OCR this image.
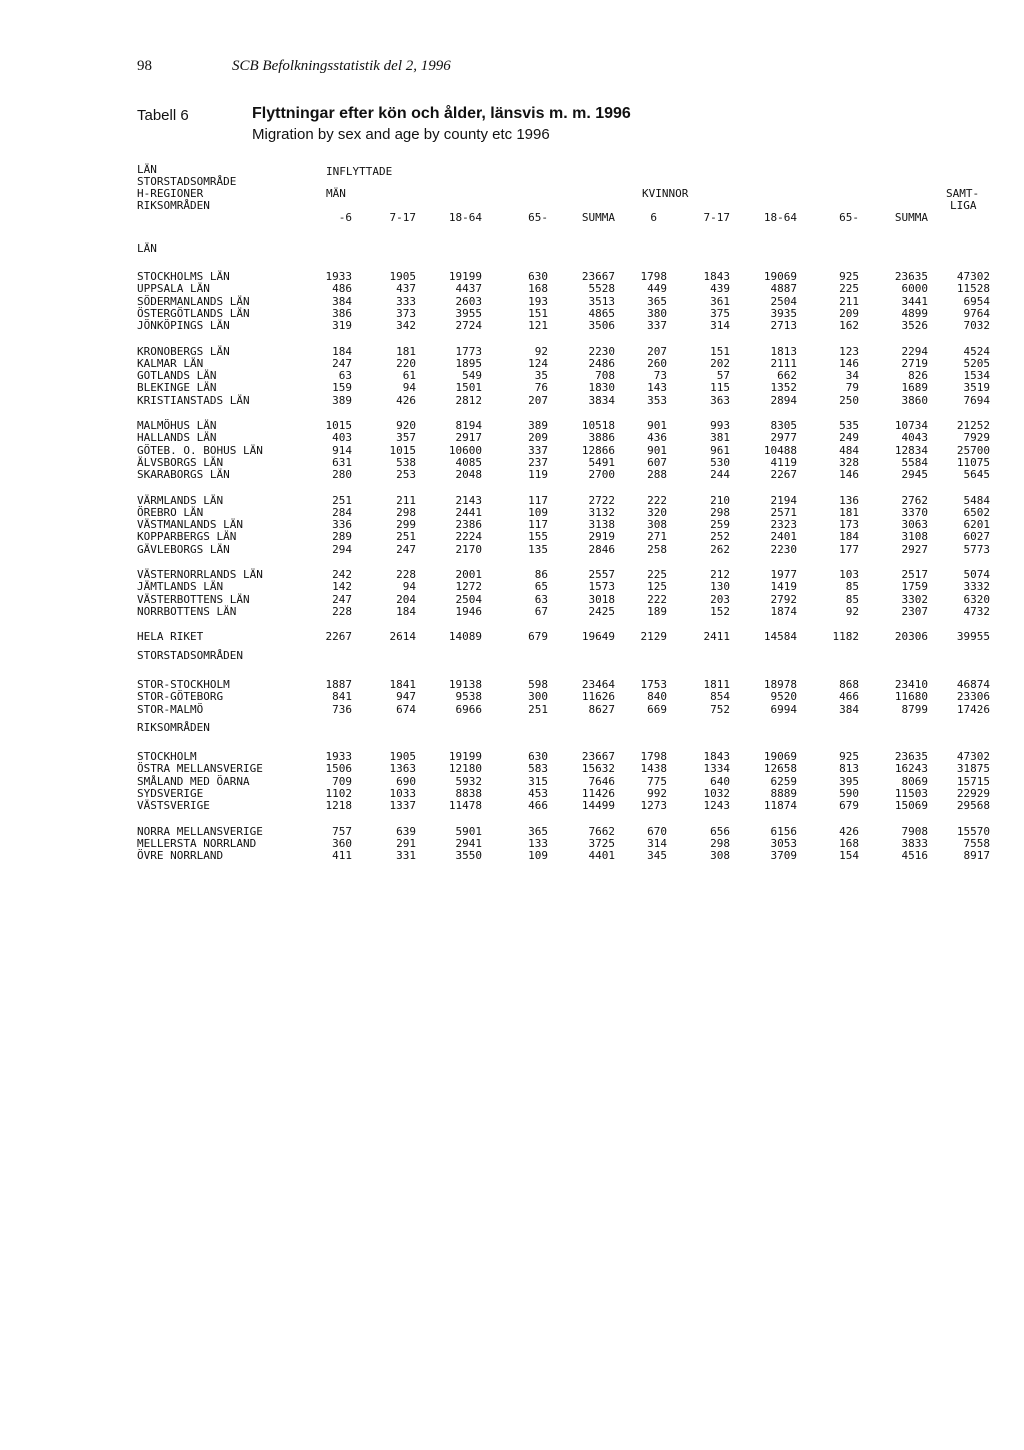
98	SCB Befolkningsstatistik del 2, 1996
Tabell 6	Flyttningar efter kön och ålder, länsvis m. m. 1996
Migration by sex and age by county etc 1996
LÄN
STORSTADSOMRÅDE
H-REGIONER
RIKSOMRÅDEN
INFLYTTADE
MÄN	KVINNOR	SAMT-
LIGA
-6	7-17	18-64	65-	SUMMA	6	7-17	18-64	65-	SUMMA
LÄN
STOCKHOLMS LÄN	1933	1905	19199	630	23667	1798	1843	19069	925	23635	47302
UPPSALA LÄN	486	437	4437	168	5528	449	439	4887	225	6000	11528
SÖDERMANLANDS LÄN	384	333	2603	193	3513	365	361	2504	211	3441	6954
ÖSTERGÖTLANDS LÄN	386	373	3955	151	4865	380	375	3935	209	4899	9764
JÖNKÖPINGS LÄN	319	342	2724	121	3506	337	314	2713	162	3526	7032
KRONOBERGS LÄN	184	181	1773	92	2230	207	151	1813	123	2294	4524
KALMAR LÄN	247	220	1895	124	2486	260	202	2111	146	2719	5205
GOTLANDS LÄN	63	61	549	35	708	73	57	662	34	826	1534
BLEKINGE LÄN	159	94	1501	76	1830	143	115	1352	79	1689	3519
KRISTIANSTADS LÄN	389	426	2812	207	3834	353	363	2894	250	3860	7694
MALMÖHUS LÄN	1015	920	8194	389	10518	901	993	8305	535	10734	21252
HALLANDS LÄN	403	357	2917	209	3886	436	381	2977	249	4043	7929
GÖTEB. O. BOHUS LÄN	914	1015	10600	337	12866	901	961	10488	484	12834	25700
ÄLVSBORGS LÄN	631	538	4085	237	5491	607	530	4119	328	5584	11075
SKARABORGS LÄN	280	253	2048	119	2700	288	244	2267	146	2945	5645
VÄRMLANDS LÄN	251	211	2143	117	2722	222	210	2194	136	2762	5484
ÖREBRO LÄN	284	298	2441	109	3132	320	298	2571	181	3370	6502
VÄSTMANLANDS LÄN	336	299	2386	117	3138	308	259	2323	173	3063	6201
KOPPARBERGS LÄN	289	251	2224	155	2919	271	252	2401	184	3108	6027
GÄVLEBORGS LÄN	294	247	2170	135	2846	258	262	2230	177	2927	5773
VÄSTERNORRLANDS LÄN	242	228	2001	86	2557	225	212	1977	103	2517	5074
JÄMTLANDS LÄN	142	94	1272	65	1573	125	130	1419	85	1759	3332
VÄSTERBOTTENS LÄN	247	204	2504	63	3018	222	203	2792	85	3302	6320
NORRBOTTENS LÄN	228	184	1946	67	2425	189	152	1874	92	2307	4732
HELA RIKET	2267	2614	14089	679	19649	2129	2411	14584	1182	20306	39955
STORSTADSOMRÅDEN
STOR-STOCKHOLM	1887	1841	19138	598	23464	1753	1811	18978	868	23410	46874
STOR-GÖTEBORG	841	947	9538	300	11626	840	854	9520	466	11680	23306
STOR-MALMÖ	736	674	6966	251	8627	669	752	6994	384	8799	17426
RIKSOMRÅDEN
STOCKHOLM	1933	1905	19199	630	23667	1798	1843	19069	925	23635	47302
ÖSTRA MELLANSVERIGE	1506	1363	12180	583	15632	1438	1334	12658	813	16243	31875
SMÅLAND MED ÖARNA	709	690	5932	315	7646	775	640	6259	395	8069	15715
SYDSVERIGE	1102	1033	8838	453	11426	992	1032	8889	590	11503	22929
VÄSTSVERIGE	1218	1337	11478	466	14499	1273	1243	11874	679	15069	29568
NORRA MELLANSVERIGE	757	639	5901	365	7662	670	656	6156	426	7908	15570
MELLERSTA NORRLAND	360	291	2941	133	3725	314	298	3053	168	3833	7558
ÖVRE NORRLAND	411	331	3550	109	4401	345	308	3709	154	4516	8917
